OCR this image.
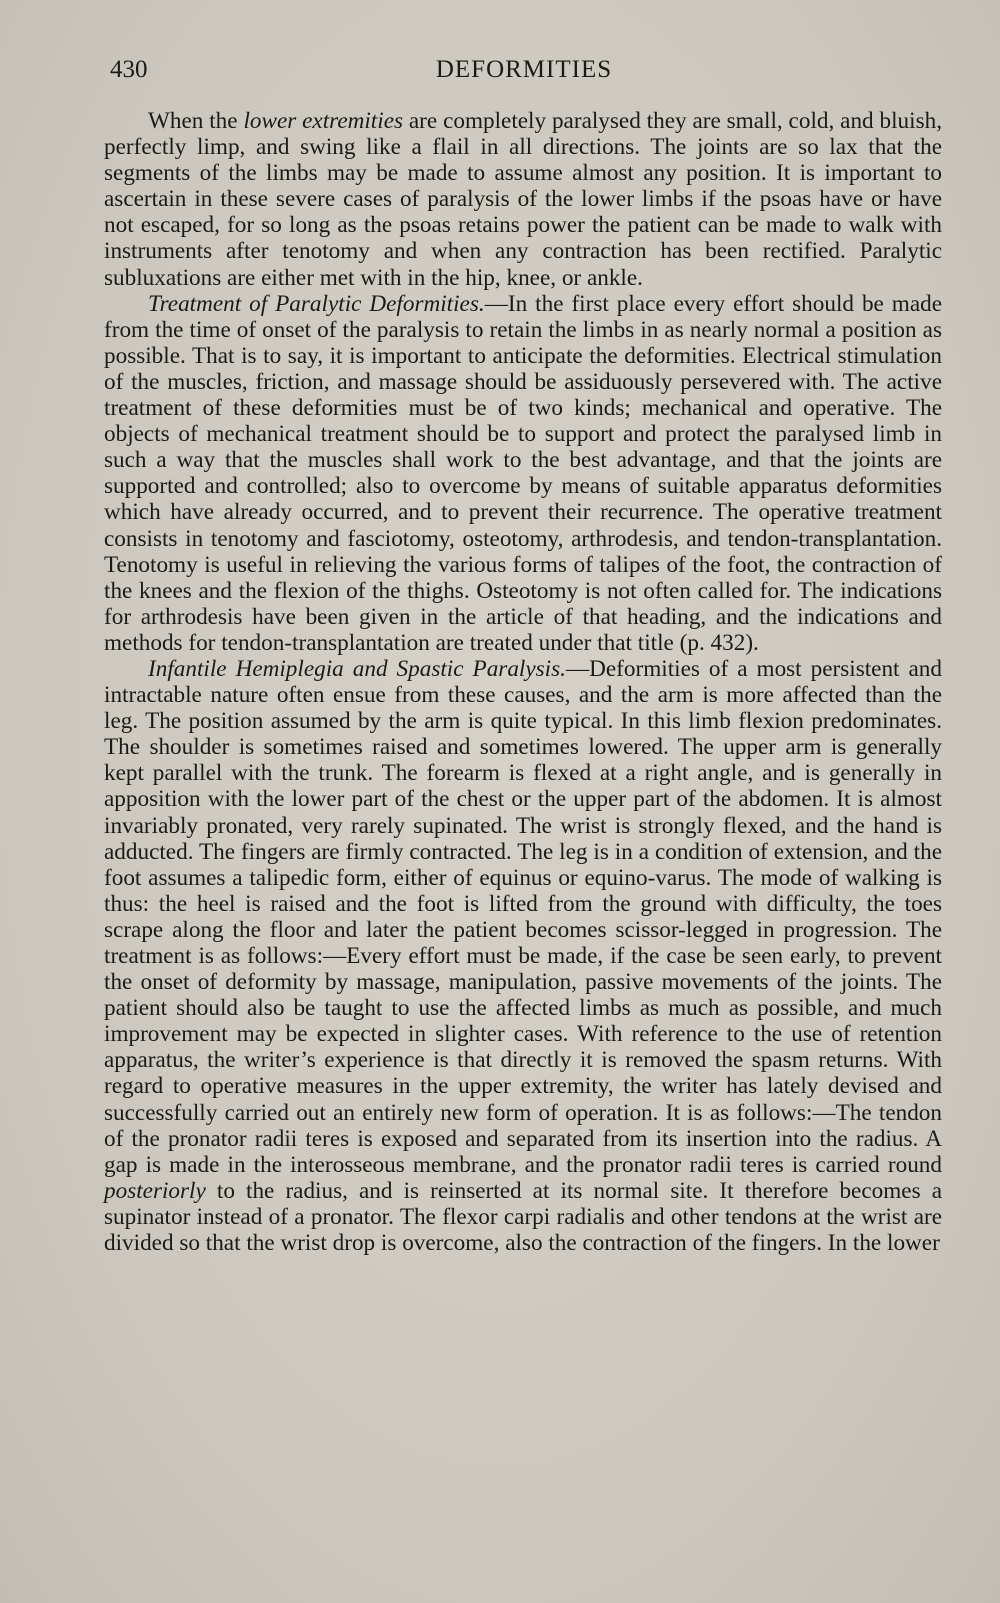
430	DEFORMITIES

When the lower extremities are completely paralysed they are small, cold, and bluish, perfectly limp, and swing like a flail in all directions. The joints are so lax that the segments of the limbs may be made to assume almost any position. It is important to ascertain in these severe cases of paralysis of the lower limbs if the psoas have or have not escaped, for so long as the psoas retains power the patient can be made to walk with instruments after tenotomy and when any contraction has been rectified. Paralytic subluxations are either met with in the hip, knee, or ankle.

Treatment of Paralytic Deformities.—In the first place every effort should be made from the time of onset of the paralysis to retain the limbs in as nearly normal a position as possible. That is to say, it is important to anticipate the deformities. Electrical stimulation of the muscles, friction, and massage should be assiduously persevered with. The active treatment of these deformities must be of two kinds; mechanical and operative. The objects of mechanical treatment should be to support and protect the paralysed limb in such a way that the muscles shall work to the best advantage, and that the joints are supported and controlled; also to overcome by means of suitable apparatus deformities which have already occurred, and to prevent their recurrence. The operative treatment consists in tenotomy and fasciotomy, osteotomy, arthrodesis, and tendon-transplantation. Tenotomy is useful in relieving the various forms of talipes of the foot, the contraction of the knees and the flexion of the thighs. Osteotomy is not often called for. The indications for arthrodesis have been given in the article of that heading, and the indications and methods for tendon-transplantation are treated under that title (p. 432).

Infantile Hemiplegia and Spastic Paralysis.—Deformities of a most persistent and intractable nature often ensue from these causes, and the arm is more affected than the leg. The position assumed by the arm is quite typical. In this limb flexion predominates. The shoulder is sometimes raised and sometimes lowered. The upper arm is generally kept parallel with the trunk. The forearm is flexed at a right angle, and is generally in apposition with the lower part of the chest or the upper part of the abdomen. It is almost invariably pronated, very rarely supinated. The wrist is strongly flexed, and the hand is adducted. The fingers are firmly contracted. The leg is in a condition of extension, and the foot assumes a talipedic form, either of equinus or equino-varus. The mode of walking is thus: the heel is raised and the foot is lifted from the ground with difficulty, the toes scrape along the floor and later the patient becomes scissor-legged in progression. The treatment is as follows:—Every effort must be made, if the case be seen early, to prevent the onset of deformity by massage, manipulation, passive movements of the joints. The patient should also be taught to use the affected limbs as much as possible, and much improvement may be expected in slighter cases. With reference to the use of retention apparatus, the writer’s experience is that directly it is removed the spasm returns. With regard to operative measures in the upper extremity, the writer has lately devised and successfully carried out an entirely new form of operation. It is as follows:—The tendon of the pronator radii teres is exposed and separated from its insertion into the radius. A gap is made in the interosseous membrane, and the pronator radii teres is carried round posteriorly to the radius, and is reinserted at its normal site. It therefore becomes a supinator instead of a pronator. The flexor carpi radialis and other tendons at the wrist are divided so that the wrist drop is overcome, also the contraction of the fingers. In the lower
